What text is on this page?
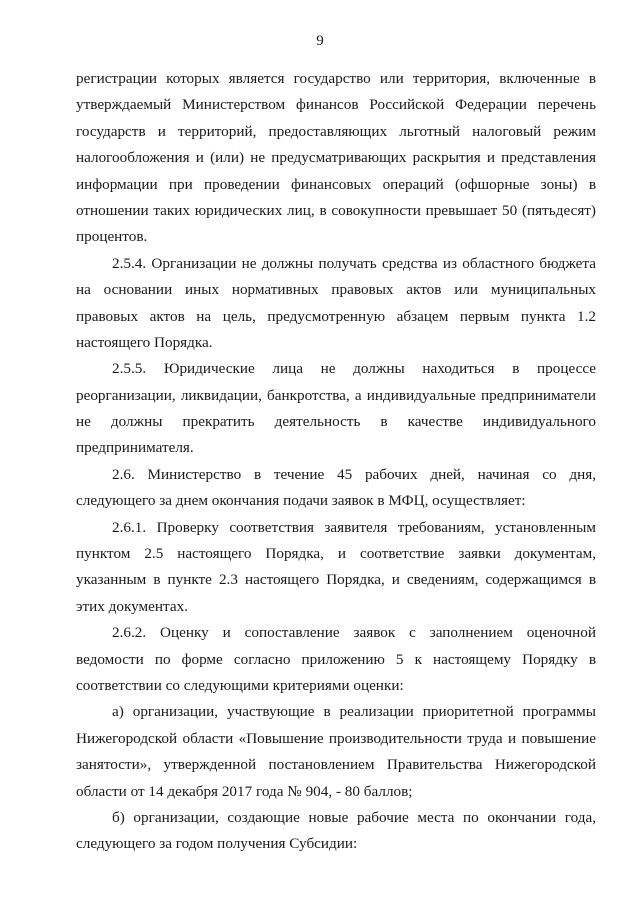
9
регистрации которых является государство или территория, включенные в
утверждаемый Министерством финансов Российской Федерации перечень
государств и территорий, предоставляющих льготный налоговый режим
налогообложения и (или) не предусматривающих раскрытия и представления
информации при проведении финансовых операций (офшорные зоны) в
отношении таких юридических лиц, в совокупности превышает 50 (пятьдесят)
процентов.
2.5.4. Организации не должны получать средства из областного бюджета
на основании иных нормативных правовых актов или муниципальных
правовых актов на цель, предусмотренную абзацем первым пункта 1.2
настоящего Порядка.
2.5.5. Юридические лица не должны находиться в процессе
реорганизации, ликвидации, банкротства, а индивидуальные предприниматели
не должны прекратить деятельность в качестве индивидуального
предпринимателя.
2.6. Министерство в течение 45 рабочих дней, начиная со дня,
следующего за днем окончания подачи заявок в МФЦ, осуществляет:
2.6.1. Проверку соответствия заявителя требованиям, установленным
пунктом 2.5 настоящего Порядка, и соответствие заявки документам,
указанным в пункте 2.3 настоящего Порядка, и сведениям, содержащимся в
этих документах.
2.6.2. Оценку и сопоставление заявок с заполнением оценочной
ведомости по форме согласно приложению 5 к настоящему Порядку в
соответствии со следующими критериями оценки:
а) организации, участвующие в реализации приоритетной программы
Нижегородской области «Повышение производительности труда и повышение
занятости», утвержденной постановлением Правительства Нижегородской
области от 14 декабря 2017 года № 904, - 80 баллов;
б) организации, создающие новые рабочие места по окончании года,
следующего за годом получения Субсидии:
